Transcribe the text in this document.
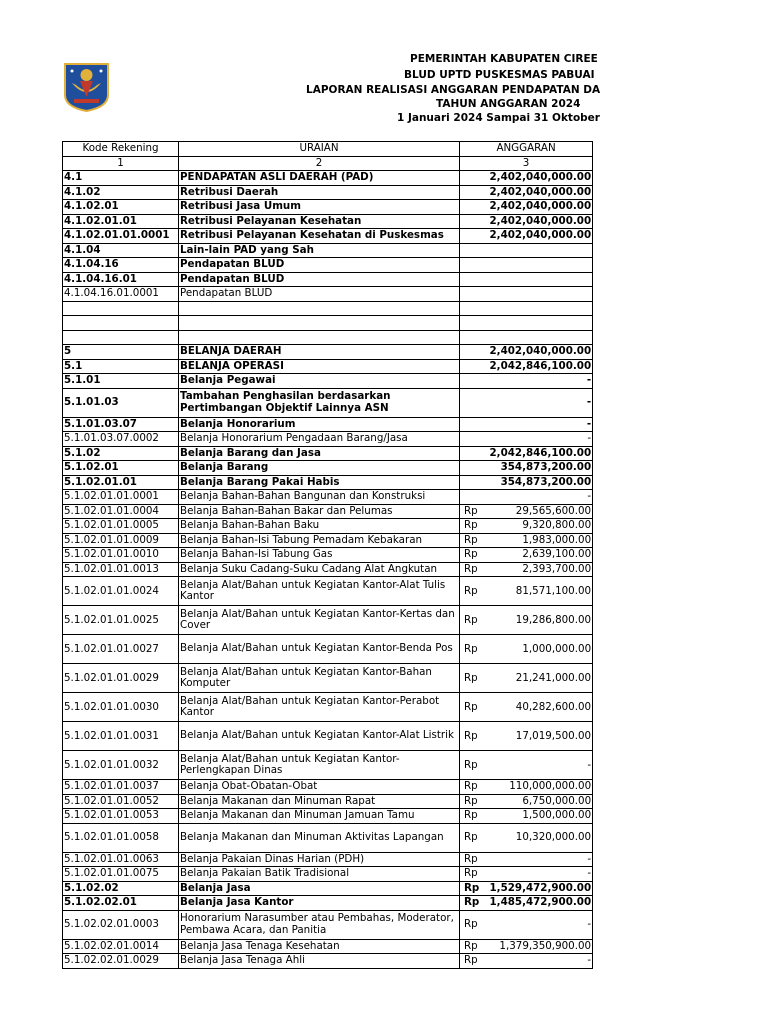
PEMERINTAH KABUPATEN CIREE
BLUD UPTD PUSKESMAS PABUAI
LAPORAN REALISASI ANGGARAN PENDAPATAN DA
TAHUN ANGGARAN 2024
1 Januari 2024 Sampai 31 Oktober
Kode Rekening	URAIAN	ANGGARAN	
1	2	3	
4.1	PENDAPATAN ASLI DAERAH (PAD)		2,402,040,000.00
4.1.02	Retribusi Daerah		2,402,040,000.00
4.1.02.01	Retribusi Jasa Umum		2,402,040,000.00
4.1.02.01.01	Retribusi Pelayanan Kesehatan		2,402,040,000.00
4.1.02.01.01.0001	Retribusi Pelayanan Kesehatan di Puskesmas		2,402,040,000.00
4.1.04	Lain-lain PAD yang Sah		
4.1.04.16	Pendapatan BLUD		
4.1.04.16.01	Pendapatan BLUD		
4.1.04.16.01.0001	Pendapatan BLUD		

5	BELANJA DAERAH		2,402,040,000.00
5.1	BELANJA OPERASI		2,042,846,100.00
5.1.01	Belanja Pegawai		-
5.1.01.03	Tambahan Penghasilan berdasarkan Pertimbangan Objektif Lainnya ASN		-
5.1.01.03.07	Belanja Honorarium		-
5.1.01.03.07.0002	Belanja Honorarium Pengadaan Barang/Jasa		-
5.1.02	Belanja Barang dan Jasa		2,042,846,100.00
5.1.02.01	Belanja Barang		354,873,200.00
5.1.02.01.01	Belanja Barang Pakai Habis		354,873,200.00
5.1.02.01.01.0001	Belanja Bahan-Bahan Bangunan dan Konstruksi		-
5.1.02.01.01.0004	Belanja Bahan-Bahan Bakar dan Pelumas	Rp	29,565,600.00
5.1.02.01.01.0005	Belanja Bahan-Bahan Baku	Rp	9,320,800.00
5.1.02.01.01.0009	Belanja Bahan-Isi Tabung Pemadam Kebakaran	Rp	1,983,000.00
5.1.02.01.01.0010	Belanja Bahan-Isi Tabung Gas	Rp	2,639,100.00
5.1.02.01.01.0013	Belanja Suku Cadang-Suku Cadang Alat Angkutan	Rp	2,393,700.00
5.1.02.01.01.0024	Belanja Alat/Bahan untuk Kegiatan Kantor-Alat Tulis Kantor	Rp	81,571,100.00
5.1.02.01.01.0025	Belanja Alat/Bahan untuk Kegiatan Kantor-Kertas dan Cover	Rp	19,286,800.00
5.1.02.01.01.0027	Belanja Alat/Bahan untuk Kegiatan Kantor-Benda Pos	Rp	1,000,000.00
5.1.02.01.01.0029	Belanja Alat/Bahan untuk Kegiatan Kantor-Bahan Komputer	Rp	21,241,000.00
5.1.02.01.01.0030	Belanja Alat/Bahan untuk Kegiatan Kantor-Perabot Kantor	Rp	40,282,600.00
5.1.02.01.01.0031	Belanja Alat/Bahan untuk Kegiatan Kantor-Alat Listrik	Rp	17,019,500.00
5.1.02.01.01.0032	Belanja Alat/Bahan untuk Kegiatan Kantor-Perlengkapan Dinas	Rp	-
5.1.02.01.01.0037	Belanja Obat-Obatan-Obat	Rp	110,000,000.00
5.1.02.01.01.0052	Belanja Makanan dan Minuman Rapat	Rp	6,750,000.00
5.1.02.01.01.0053	Belanja Makanan dan Minuman Jamuan Tamu	Rp	1,500,000.00
5.1.02.01.01.0058	Belanja Makanan dan Minuman Aktivitas Lapangan	Rp	10,320,000.00
5.1.02.01.01.0063	Belanja Pakaian Dinas Harian (PDH)	Rp	-
5.1.02.01.01.0075	Belanja Pakaian Batik Tradisional	Rp	-
5.1.02.02	Belanja Jasa	Rp	1,529,472,900.00
5.1.02.02.01	Belanja Jasa Kantor	Rp	1,485,472,900.00
5.1.02.02.01.0003	Honorarium Narasumber atau Pembahas, Moderator, Pembawa Acara, dan Panitia	Rp	-
5.1.02.02.01.0014	Belanja Jasa Tenaga Kesehatan	Rp	1,379,350,900.00
5.1.02.02.01.0029	Belanja Jasa Tenaga Ahli	Rp	-
